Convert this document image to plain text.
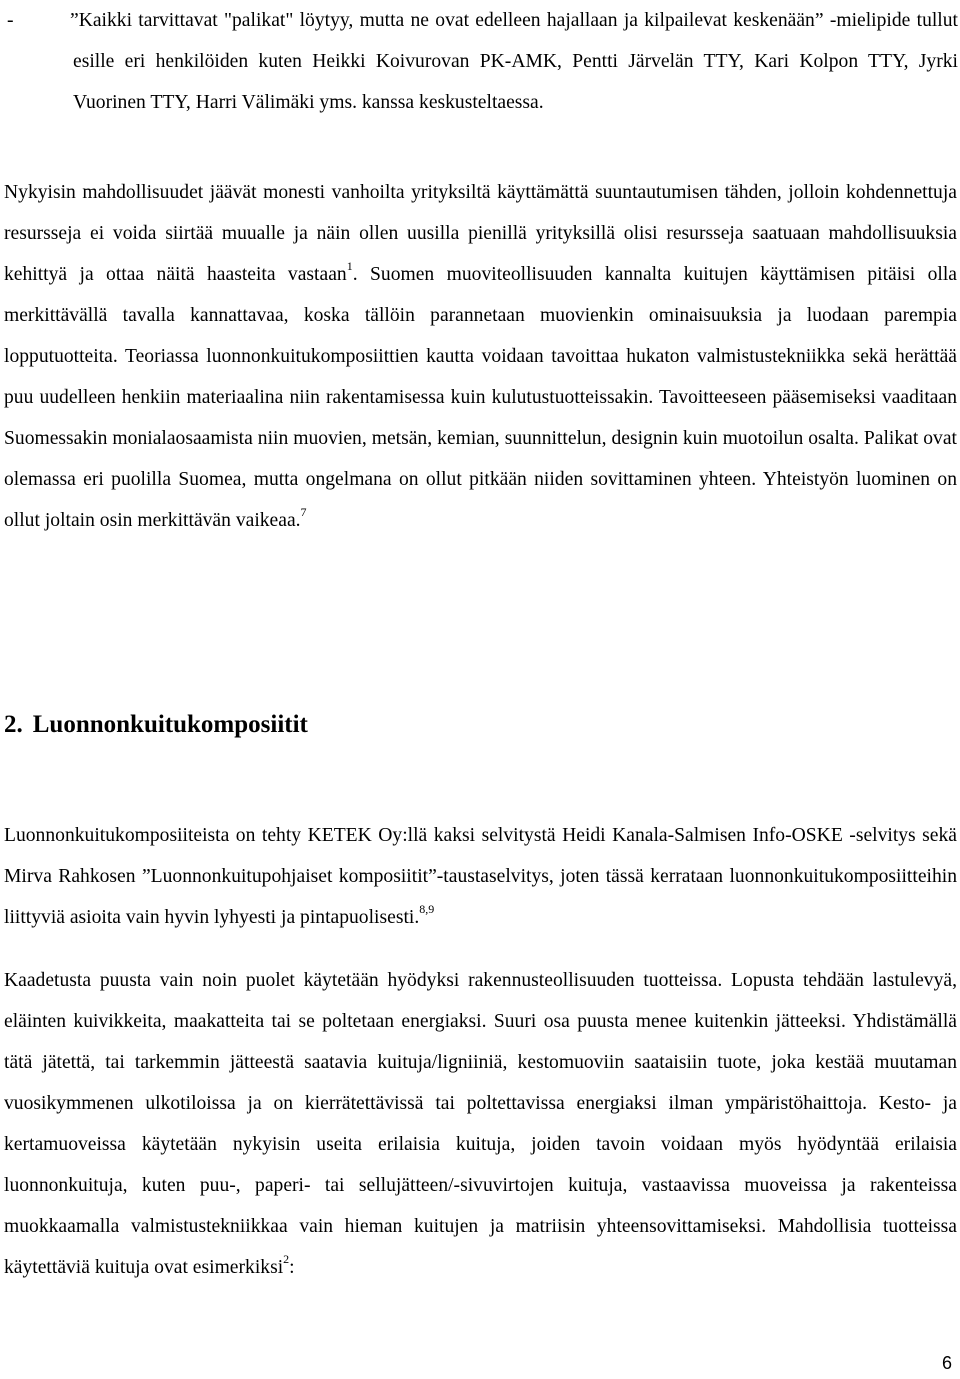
-	”Kaikki tarvittavat "palikat" löytyy, mutta ne ovat edelleen hajallaan ja kilpailevat keskenään” -mielipide tullut esille eri henkilöiden kuten Heikki Koivurovan PK-AMK, Pentti Järvelän TTY, Kari Kolpon TTY, Jyrki Vuorinen TTY, Harri Välimäki yms. kanssa keskusteltaessa.

Nykyisin mahdollisuudet jäävät monesti vanhoilta yrityksiltä käyttämättä suuntautumisen tähden, jolloin kohdennettuja resursseja ei voida siirtää muualle ja näin ollen uusilla pienillä yrityksillä olisi resursseja saatuaan mahdollisuuksia kehittyä ja ottaa näitä haasteita vastaan$^1$. Suomen muoviteollisuuden kannalta kuitujen käyttämisen pitäisi olla merkittävällä tavalla kannattavaa, koska tällöin parannetaan muovienkin ominaisuuksia ja luodaan parempia lopputuotteita. Teoriassa luonnonkuitukomposiittien kautta voidaan tavoittaa hukaton valmistustekniikka sekä herättää puu uudelleen henkiin materiaalina niin rakentamisessa kuin kulutustuotteissakin. Tavoitteeseen pääsemiseksi vaaditaan Suomessakin monialaosaamista niin muovien, metsän, kemian, suunnittelun, designin kuin muotoilun osalta. Palikat ovat olemassa eri puolilla Suomea, mutta ongelmana on ollut pitkään niiden sovittaminen yhteen. Yhteistyön luominen on ollut joltain osin merkittävän vaikeaa.$^7$

2. Luonnonkuitukomposiitit

Luonnonkuitukomposiiteista on tehty KETEK Oy:llä kaksi selvitystä Heidi Kanala-Salmisen Info-OSKE -selvitys sekä Mirva Rahkosen ”Luonnonkuitupohjaiset komposiitit”-taustaselvitys, joten tässä kerrataan luonnonkuitukomposiitteihin liittyviä asioita vain hyvin lyhyesti ja pintapuolisesti.$^{8,9}$

Kaadetusta puusta vain noin puolet käytetään hyödyksi rakennusteollisuuden tuotteissa. Lopusta tehdään lastulevyä, eläinten kuivikkeita, maakatteita tai se poltetaan energiaksi. Suuri osa puusta menee kuitenkin jätteeksi. Yhdistämällä tätä jätettä, tai tarkemmin jätteestä saatavia kuituja/ligniiniä, kestomuoviin saataisiin tuote, joka kestää muutaman vuosikymmenen ulkotiloissa ja on kierrätettävissä tai poltettavissa energiaksi ilman ympäristöhaittoja. Kesto- ja kertamuoveissa käytetään nykyisin useita erilaisia kuituja, joiden tavoin voidaan myös hyödyntää erilaisia luonnonkuituja, kuten puu-, paperi- tai sellujätteen/-sivuvirtojen kuituja, vastaavissa muoveissa ja rakenteissa muokkaamalla valmistustekniikkaa vain hieman kuitujen ja matriisin yhteensovittamiseksi. Mahdollisia tuotteissa käytettäviä kuituja ovat esimerkiksi$^2$:

6
